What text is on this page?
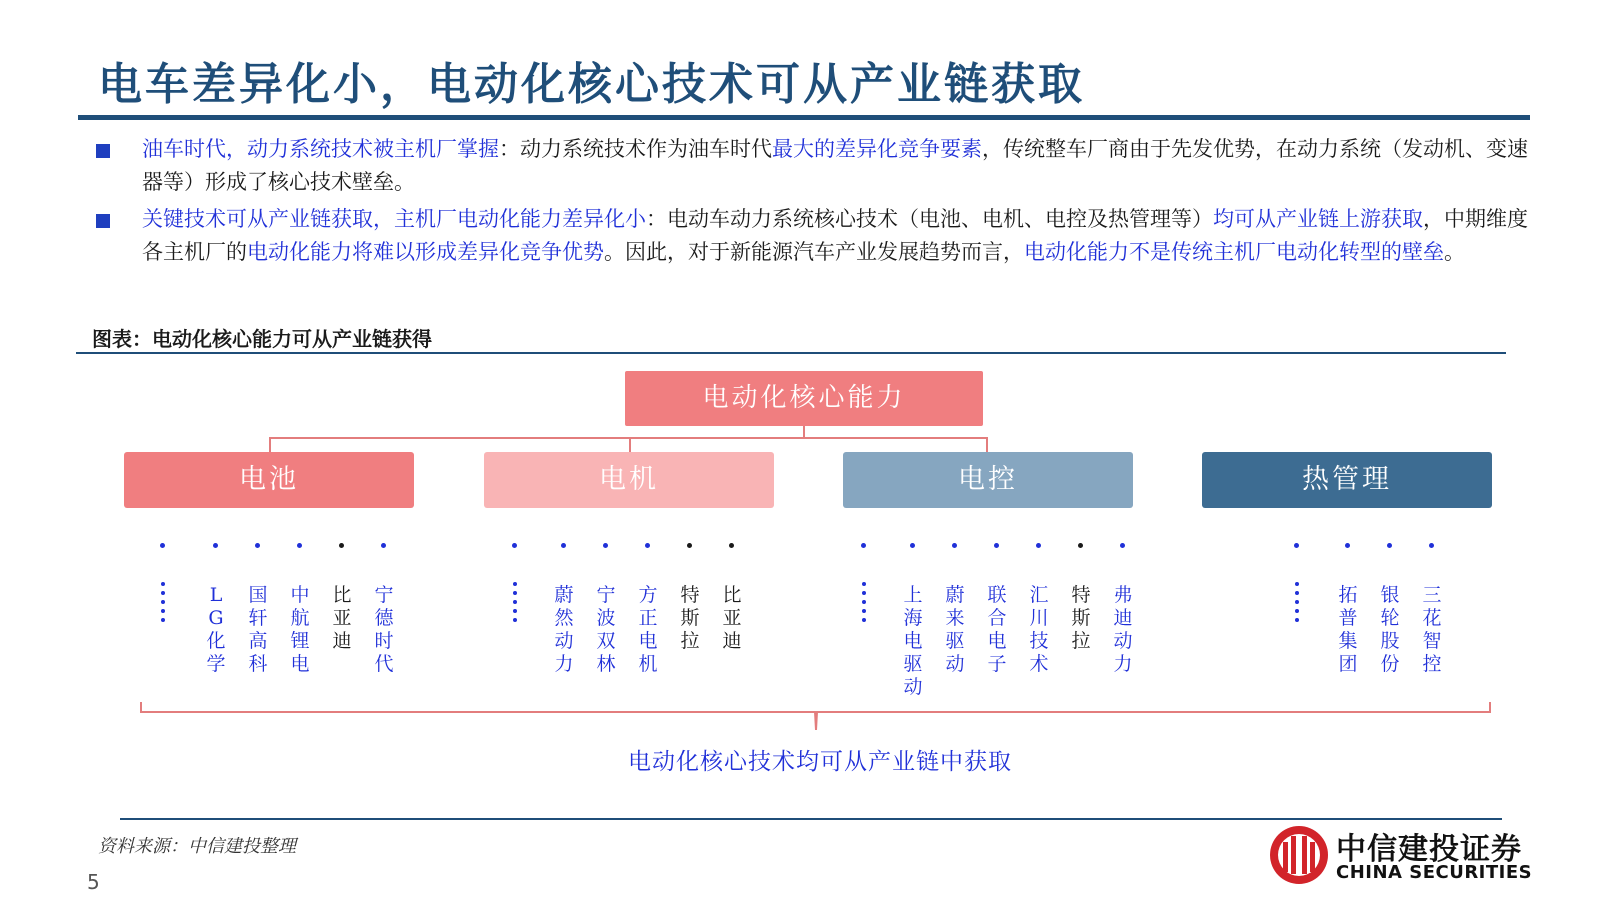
电车差异化小，电动化核心技术可从产业链获取
油车时代，动力系统技术被主机厂掌握：动力系统技术作为油车时代最大的差异化竞争要素，传统整车厂商由于先发优势，在动力系统（发动机、变速器等）形成了核心技术壁垒。
关键技术可从产业链获取，主机厂电动化能力差异化小：电动车动力系统核心技术（电池、电机、电控及热管理等）均可从产业链上游获取，中期维度各主机厂的电动化能力将难以形成差异化竞争优势。因此，对于新能源汽车产业发展趋势而言，电动化能力不是传统主机厂电动化转型的壁垒。
图表：电动化核心能力可从产业链获得
电动化核心能力
电池	电机	电控	热管理
LG化学
国轩高科
中航锂电
比亚迪
宁德时代
蔚然动力
宁波双林
方正电机
特斯拉
比亚迪
上海电驱动
蔚来驱动
联合电子
汇川技术
特斯拉
弗迪动力
拓普集团
银轮股份
三花智控
电动化核心技术均可从产业链中获取
资料来源：中信建投整理
5
中信建投证券
CHINA SECURITIES
